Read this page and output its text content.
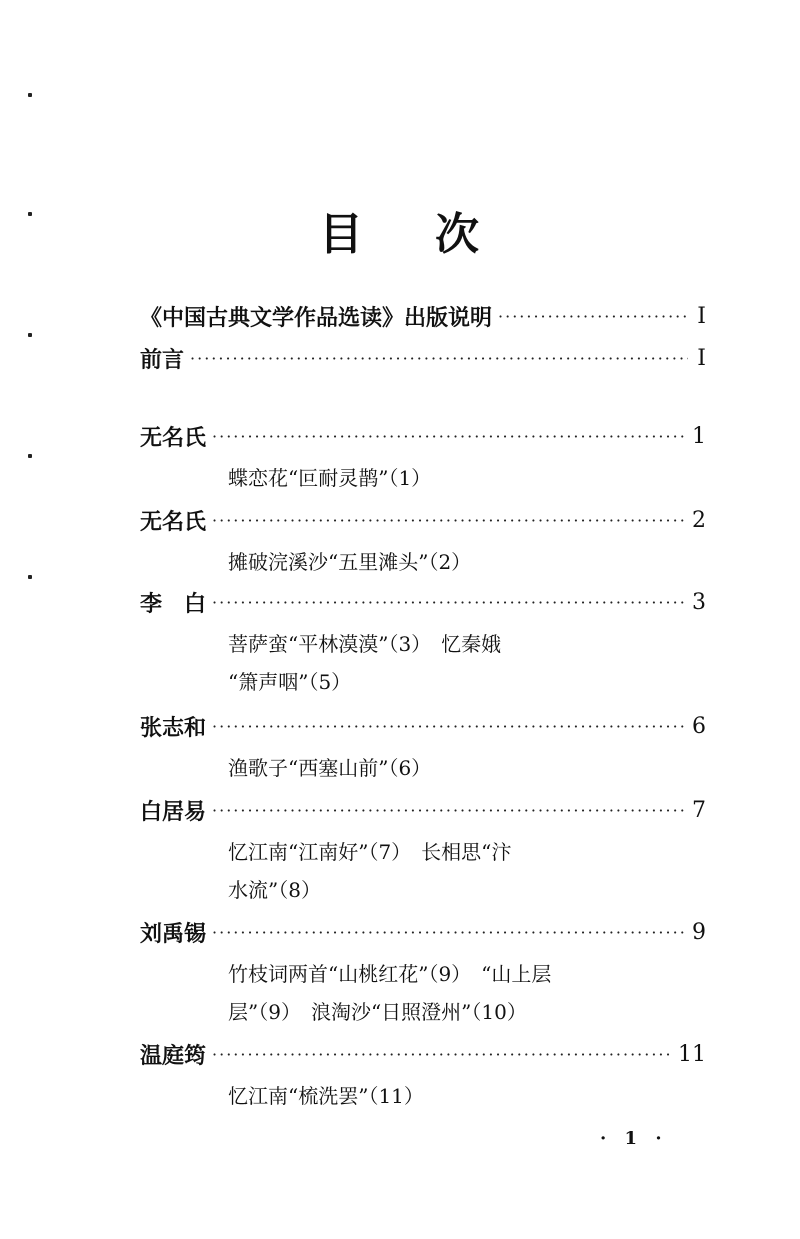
目 次
《中国古典文学作品选读》出版说明 ·····	Ⅰ
前言 ·····	Ⅰ
无名氏 ·····	1
蝶恋花“叵耐灵鹊”（1）
无名氏 ·····	2
摊破浣溪沙“五里滩头”（2）
李　白 ·····	3
菩萨蛮“平林漠漠”（3）　忆秦娥
“箫声咽”（5）
张志和 ·····	6
渔歌子“西塞山前”（6）
白居易 ·····	7
忆江南“江南好”（7）　长相思“汴
水流”（8）
刘禹锡 ·····	9
竹枝词两首“山桃红花”（9）　“山上层
层”（9）　浪淘沙“日照澄州”（10）
温庭筠 ·····	11
忆江南“梳洗罢”（11）
· 1 ·
